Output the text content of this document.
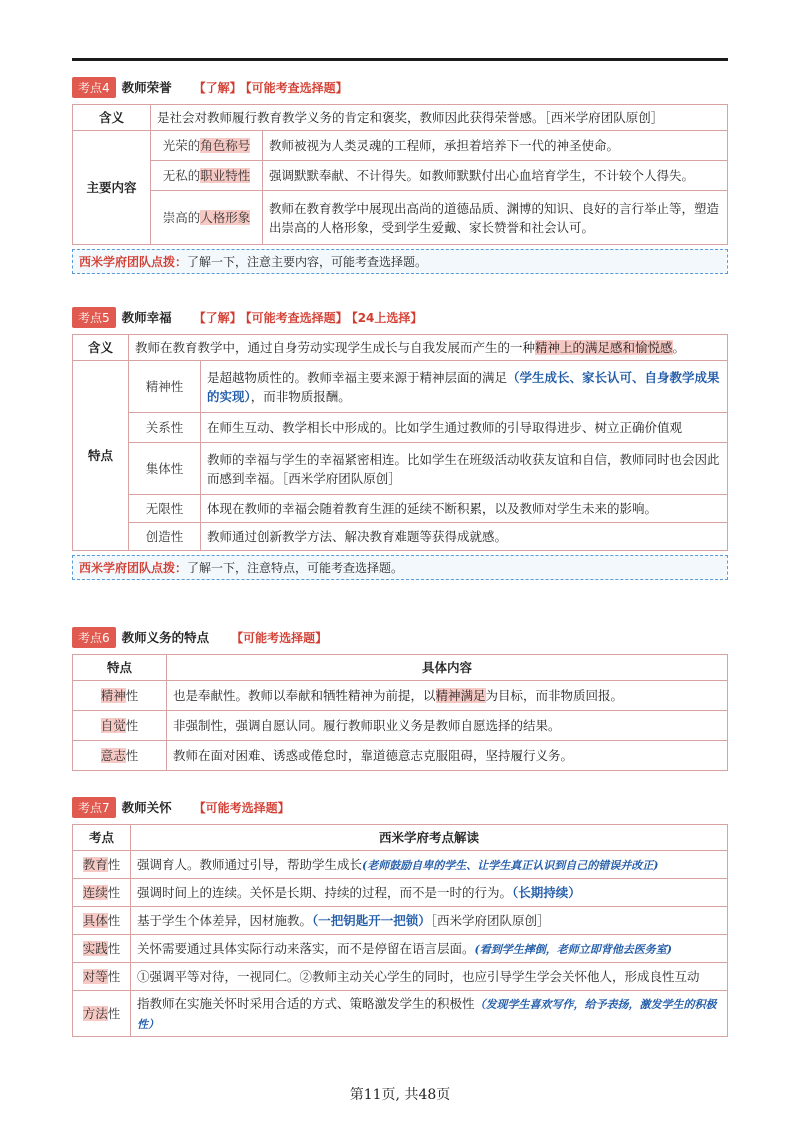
考点4 教师荣誉 【了解】 【可能考查选择题】
含义	是社会对教师履行教育教学义务的肯定和褒奖，教师因此获得荣誉感。［西米学府团队原创］	
主要内容	光荣的角色称号	教师被视为人类灵魂的工程师，承担着培养下一代的神圣使命。
	无私的职业特性	强调默默奉献、不计得失。如教师默默付出心血培育学生，不计较个人得失。
	崇高的人格形象	教师在教育教学中展现出高尚的道德品质、渊博的知识、良好的言行举止等，塑造出崇高的人格形象，受到学生爱戴、家长赞誉和社会认可。
西米学府团队点拨：了解一下，注意主要内容，可能考查选择题。
考点5 教师幸福 【了解】 【可能考查选择题】 【24上选择】
含义	教师在教育教学中，通过自身劳动实现学生成长与自我发展而产生的一种精神上的满足感和愉悦感。	
特点	精神性	是超越物质性的。教师幸福主要来源于精神层面的满足（学生成长、家长认可、自身教学成果的实现），而非物质报酬。
	关系性	在师生互动、教学相长中形成的。比如学生通过教师的引导取得进步、树立正确价值观
	集体性	教师的幸福与学生的幸福紧密相连。比如学生在班级活动收获友谊和自信，教师同时也会因此而感到幸福。［西米学府团队原创］
	无限性	体现在教师的幸福会随着教育生涯的延续不断积累，以及教师对学生未来的影响。
	创造性	教师通过创新教学方法、解决教育难题等获得成就感。
西米学府团队点拨：了解一下，注意特点，可能考查选择题。
考点6 教师义务的特点 【可能考选择题】
特点	具体内容
精神性	也是奉献性。教师以奉献和牺牲精神为前提，以精神满足为目标，而非物质回报。
自觉性	非强制性，强调自愿认同。履行教师职业义务是教师自愿选择的结果。
意志性	教师在面对困难、诱惑或倦怠时，靠道德意志克服阻碍，坚持履行义务。
考点7 教师关怀 【可能考选择题】
考点	西米学府考点解读
教育性	强调育人。教师通过引导，帮助学生成长(老师鼓励自卑的学生、让学生真正认识到自己的错误并改正)
连续性	强调时间上的连续。关怀是长期、持续的过程，而不是一时的行为。（长期持续）
具体性	基于学生个体差异，因材施教。（一把钥匙开一把锁）［西米学府团队原创］
实践性	关怀需要通过具体实际行动来落实，而不是停留在语言层面。(看到学生摔倒，老师立即背他去医务室)
对等性	①强调平等对待，一视同仁。②教师主动关心学生的同时，也应引导学生学会关怀他人，形成良性互动
方法性	指教师在实施关怀时采用合适的方式、策略激发学生的积极性（发现学生喜欢写作，给予表扬，激发学生的积极性）
第11页, 共48页
